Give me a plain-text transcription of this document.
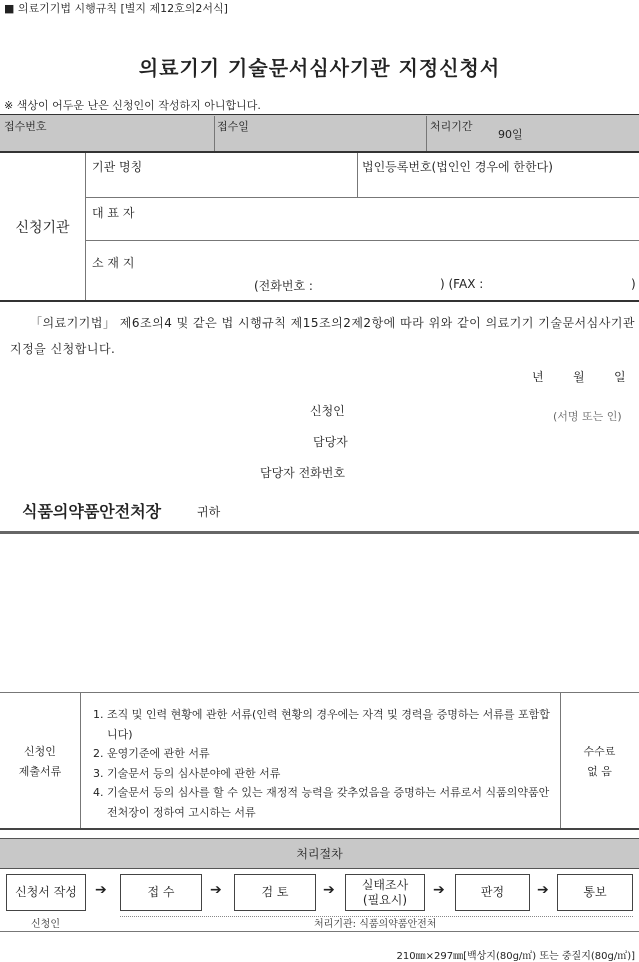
■ 의료기기법 시행규칙 [별지 제12호의2서식]
의료기기 기술문서심사기관 지정신청서
※ 색상이 어두운 난은 신청인이 작성하지 아니합니다.
접수번호	접수일	처리기간
90일
신청기관
기관 명칭	법인등록번호(법인인 경우에 한한다)
대 표 자
소 재 지
(전화번호 :	) (FAX :	)
「의료기기법」 제6조의4 및 같은 법 시행규칙 제15조의2제2항에 따라 위와 같이 의료기기 기술문서심사기관 지정을 신청합니다.
년 월 일
신청인	(서명 또는 인)
담당자
담당자 전화번호
식품의약품안전처장	귀하
신청인
제출서류
1. 조직 및 인력 현황에 관한 서류(인력 현황의 경우에는 자격 및 경력을 증명하는 서류를 포함합니다)
2. 운영기준에 관한 서류
3. 기술문서 등의 심사분야에 관한 서류
4. 기술문서 등의 심사를 할 수 있는 재정적 능력을 갖추었음을 증명하는 서류로서 식품의약품안전처장이 정하여 고시하는 서류
수수료
없 음
처리절차
신청서 작성	➔	접 수	➔	검 토	➔	실태조사
(필요시)
➔	판정	➔	통보
신청인	처리기관: 식품의약품안전처
210㎜×297㎜[백상지(80g/㎡) 또는 중질지(80g/㎡)]
